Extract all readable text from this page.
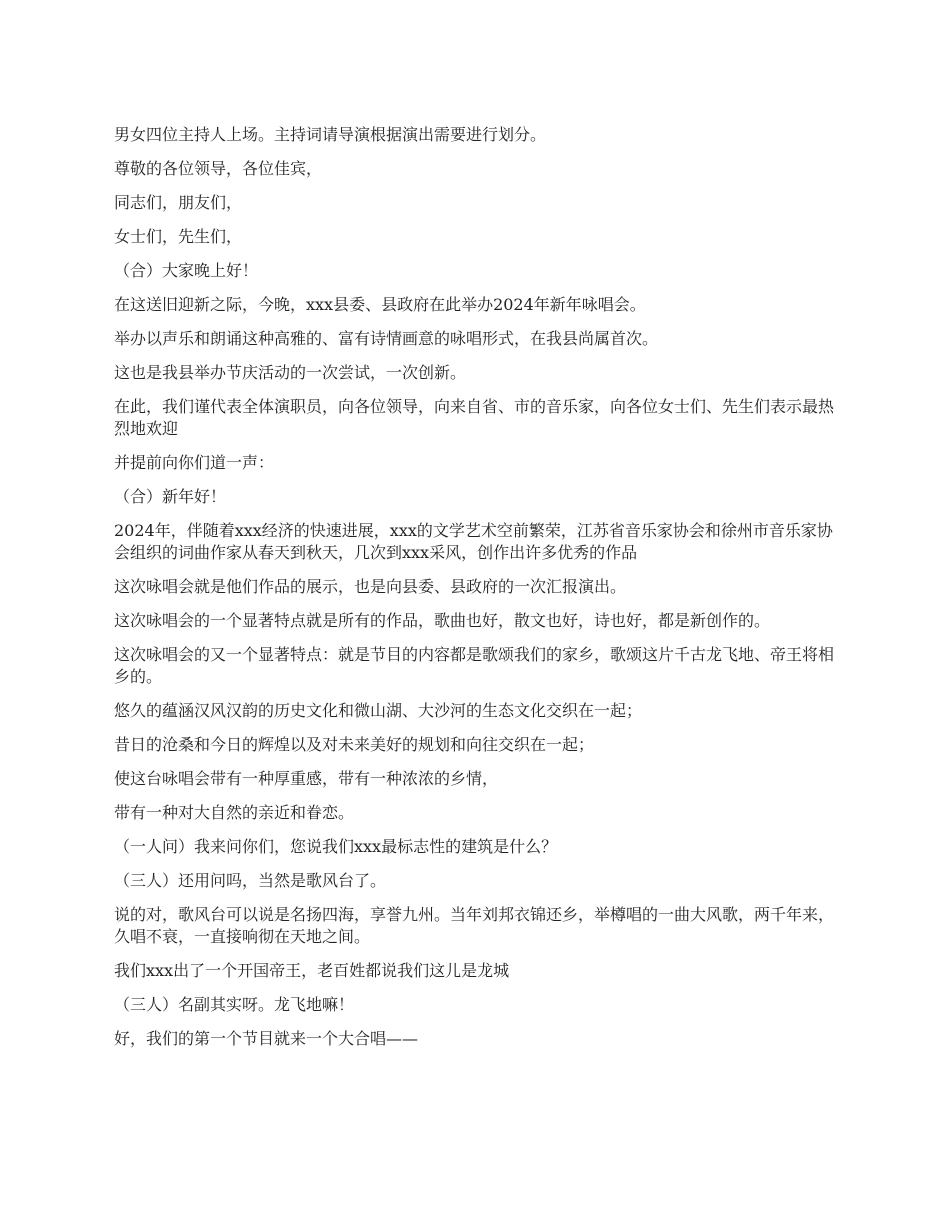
男女四位主持人上场。主持词请导演根据演出需要进行划分。

尊敬的各位领导，各位佳宾，

同志们，朋友们，

女士们，先生们，

（合）大家晚上好！

在这送旧迎新之际，今晚，xxx县委、县政府在此举办2024年新年咏唱会。

举办以声乐和朗诵这种高雅的、富有诗情画意的咏唱形式，在我县尚属首次。

这也是我县举办节庆活动的一次尝试，一次创新。

在此，我们谨代表全体演职员，向各位领导，向来自省、市的音乐家，向各位女士们、先生们表示最热烈地欢迎

并提前向你们道一声：

（合）新年好！

2024年，伴随着xxx经济的快速进展，xxx的文学艺术空前繁荣，江苏省音乐家协会和徐州市音乐家协会组织的词曲作家从春天到秋天，几次到xxx采风，创作出许多优秀的作品

这次咏唱会就是他们作品的展示，也是向县委、县政府的一次汇报演出。

这次咏唱会的一个显著特点就是所有的作品，歌曲也好，散文也好，诗也好，都是新创作的。

这次咏唱会的又一个显著特点：就是节目的内容都是歌颂我们的家乡，歌颂这片千古龙飞地、帝王将相乡的。

悠久的蕴涵汉风汉韵的历史文化和微山湖、大沙河的生态文化交织在一起；

昔日的沧桑和今日的辉煌以及对未来美好的规划和向往交织在一起；

使这台咏唱会带有一种厚重感，带有一种浓浓的乡情，

带有一种对大自然的亲近和眷恋。

（一人问）我来问你们，您说我们xxx最标志性的建筑是什么？

（三人）还用问吗，当然是歌风台了。

说的对，歌风台可以说是名扬四海，享誉九州。当年刘邦衣锦还乡，举樽唱的一曲大风歌，两千年来，久唱不衰，一直接响彻在天地之间。

我们xxx出了一个开国帝王，老百姓都说我们这儿是龙城

（三人）名副其实呀。龙飞地嘛！

好，我们的第一个节目就来一个大合唱——
